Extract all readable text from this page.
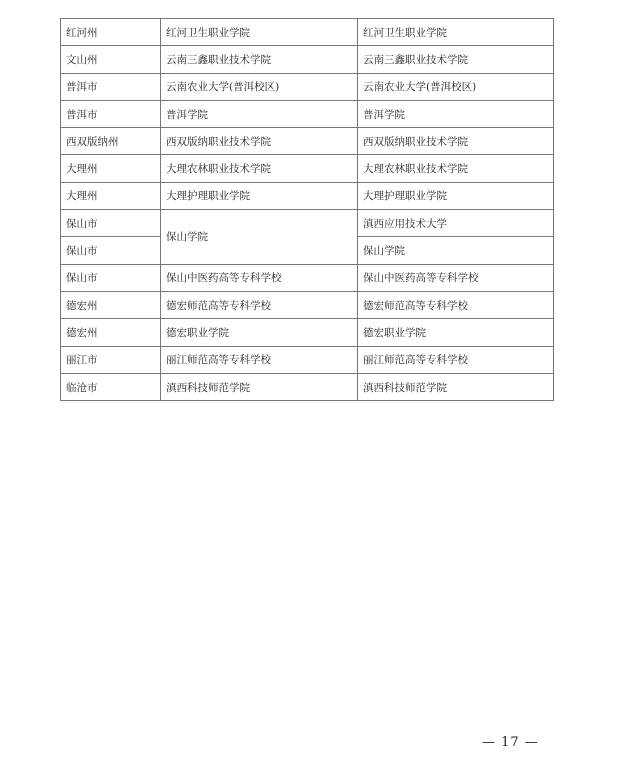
红河州	红河卫生职业学院	红河卫生职业学院
文山州	云南三鑫职业技术学院	云南三鑫职业技术学院
普洱市	云南农业大学(普洱校区)	云南农业大学(普洱校区)
普洱市	普洱学院	普洱学院
西双版纳州	西双版纳职业技术学院	西双版纳职业技术学院
大理州	大理农林职业技术学院	大理农林职业技术学院
大理州	大理护理职业学院	大理护理职业学院
保山市	保山学院	滇西应用技术大学
保山市		保山学院
保山市	保山中医药高等专科学校	保山中医药高等专科学校
德宏州	德宏师范高等专科学校	德宏师范高等专科学校
德宏州	德宏职业学院	德宏职业学院
丽江市	丽江师范高等专科学校	丽江师范高等专科学校
临沧市	滇西科技师范学院	滇西科技师范学院
— 17 —
